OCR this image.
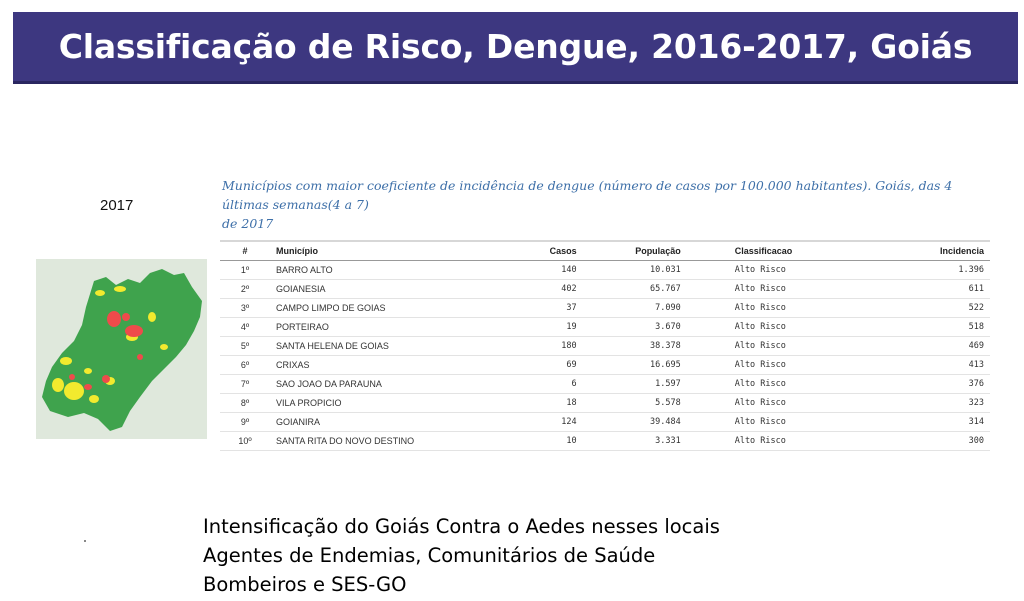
Classificação de Risco, Dengue, 2016-2017, Goiás
2017
Municípios com maior coeficiente de incidência de dengue (número de casos por 100.000 habitantes). Goiás, das 4 últimas semanas(4 a 7)
de 2017
#	Município	Casos	População	Classificacao	Incidencia
1º	BARRO ALTO	140	10.031	Alto Risco	1.396
2º	GOIANESIA	402	65.767	Alto Risco	611
3º	CAMPO LIMPO DE GOIAS	37	7.090	Alto Risco	522
4º	PORTEIRAO	19	3.670	Alto Risco	518
5º	SANTA HELENA DE GOIAS	180	38.378	Alto Risco	469
6º	CRIXAS	69	16.695	Alto Risco	413
7º	SAO JOAO DA PARAUNA	6	1.597	Alto Risco	376
8º	VILA PROPICIO	18	5.578	Alto Risco	323
9º	GOIANIRA	124	39.484	Alto Risco	314
10º	SANTA RITA DO NOVO DESTINO	10	3.331	Alto Risco	300
Intensificação do Goiás Contra o Aedes nesses locais
Agentes de Endemias, Comunitários de Saúde
Bombeiros e SES-GO
